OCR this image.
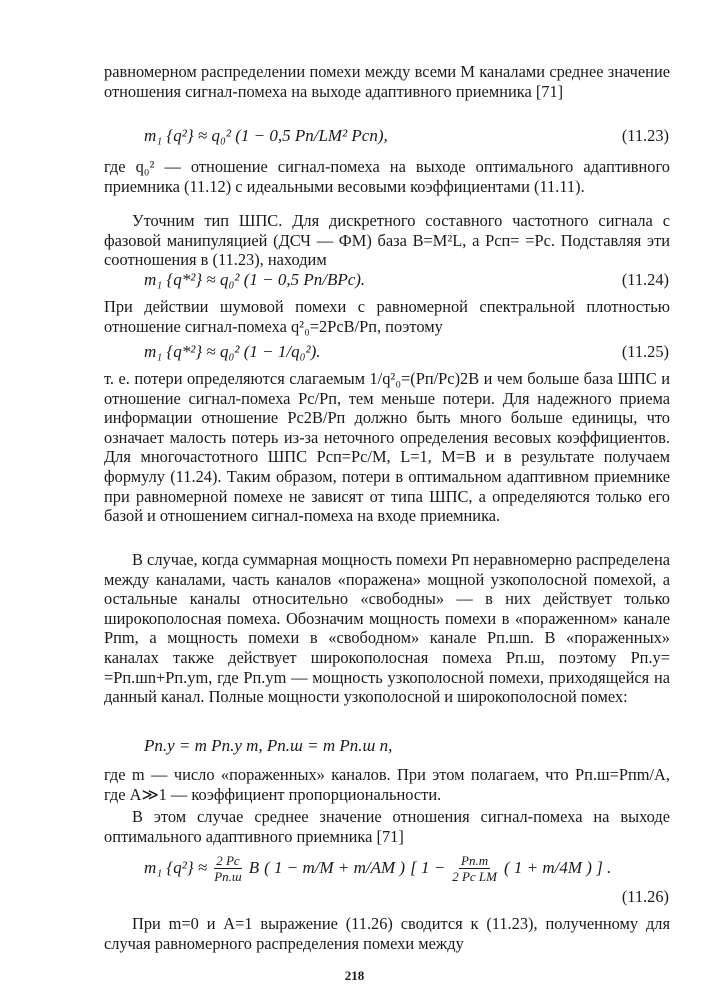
равномерном распределении помехи между всеми M каналами среднее значение отношения сигнал-помеха на выходе адаптивного приемника [71]

m₁ {q²} ≈ q₀² (1 − 0,5 Pп/LM² Pсп),	(11.23)

где q₀² — отношение сигнал-помеха на выходе оптимального адаптивного приемника (11.12) с идеальными весовыми коэффициентами (11.11).

Уточним тип ШПС. Для дискретного составного частотного сигнала с фазовой манипуляцией (ДСЧ — ФМ) база B=M²L, а Pсп= =Pс. Подставляя эти соотношения в (11.23), находим

m₁ {q*²} ≈ q₀² (1 − 0,5 Pп/BPс).	(11.24)

При действии шумовой помехи с равномерной спектральной плотностью отношение сигнал-помеха q²₀=2PсB/Pп, поэтому

m₁ {q*²} ≈ q₀² (1 − 1/q₀²).	(11.25)

т. е. потери определяются слагаемым 1/q²₀=(Pп/Pс)2B и чем больше база ШПС и отношение сигнал-помеха Pс/Pп, тем меньше потери. Для надежного приема информации отношение Pс2B/Pп должно быть много больше единицы, что означает малость потерь из-за неточного определения весовых коэффициентов. Для многочастотного ШПС Pсп=Pс/M, L=1, M=B и в результате получаем формулу (11.24). Таким образом, потери в оптимальном адаптивном приемнике при равномерной помехе не зависят от типа ШПС, а определяются только его базой и отношением сигнал-помеха на входе приемника.

В случае, когда суммарная мощность помехи Pп неравномерно распределена между каналами, часть каналов «поражена» мощной узкополосной помехой, а остальные каналы относительно «свободны» — в них действует только широкополосная помеха. Обозначим мощность помехи в «пораженном» канале Pпm, а мощность помехи в «свободном» канале Pп.шn. В «пораженных» каналах также действует широкополосная помеха Pп.ш, поэтому Pп.у= =Pп.шn+Pп.уm, где Pп.уm — мощность узкополосной помехи, приходящейся на данный канал. Полные мощности узкополосной и широкополосной помех:

Pп.у = m Pп.у m, Pп.ш = m Pп.ш n,

где m — число «пораженных» каналов. При этом полагаем, что Pп.ш=Pпm/A, где A≫1 — коэффициент пропорциональности.

В этом случае среднее значение отношения сигнал-помеха на выходе оптимального адаптивного приемника [71]

m₁ {q²} ≈ 2 Pс
Pп.ш B ( 1 − m/M + m/AM ) [ 1 − Pп.m
2 Pс LM ( 1 + m/4M ) ] .
(11.26)

При m=0 и A=1 выражение (11.26) сводится к (11.23), полученному для случая равномерного распределения помехи между

218
